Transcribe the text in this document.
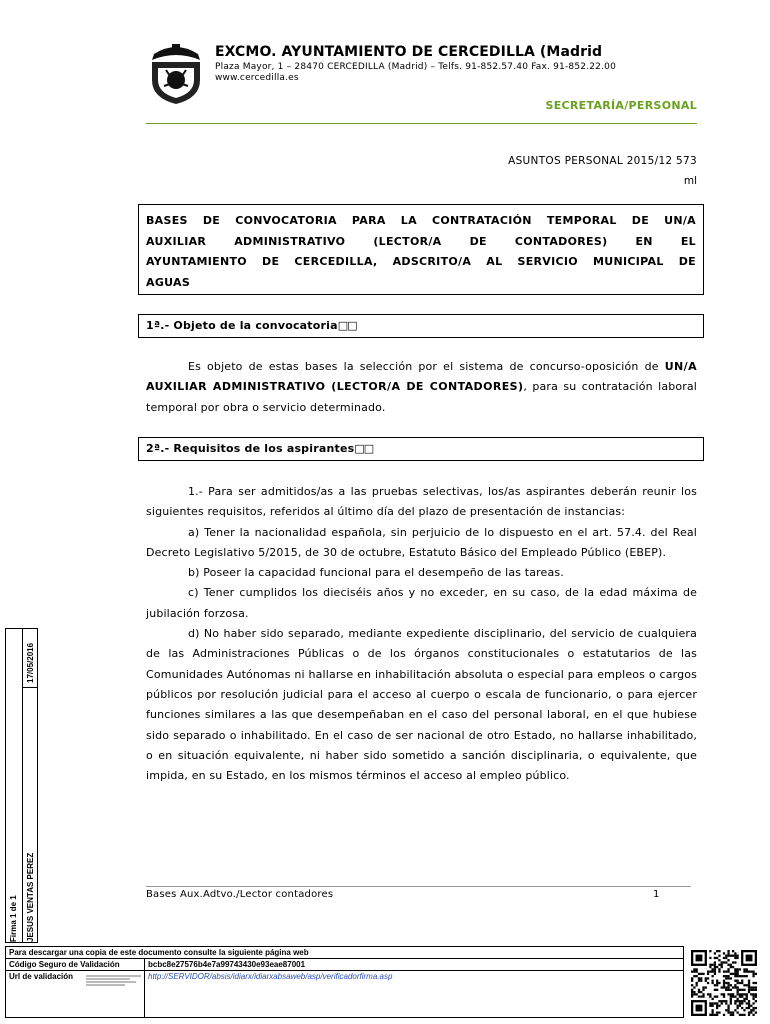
EXCMO. AYUNTAMIENTO DE CERCEDILLA (Madrid
Plaza Mayor, 1 – 28470 CERCEDILLA (Madrid) – Telfs. 91-852.57.40 Fax. 91-852.22.00
www.cercedilla.es
SECRETARÍA/PERSONAL
ASUNTOS PERSONAL 2015/12 573
ml

BASES DE CONVOCATORIA PARA LA CONTRATACIÓN TEMPORAL DE UN/A

AUXILIAR ADMINISTRATIVO (LECTOR/A DE CONTADORES) EN EL

AYUNTAMIENTO DE CERCEDILLA, ADSCRITO/A AL SERVICIO MUNICIPAL DE

AGUAS

1ª.- Objeto de la convocatoria□□

Es objeto de estas bases la selección por el sistema de concurso-oposición de UN/A AUXILIAR ADMINISTRATIVO (LECTOR/A DE CONTADORES), para su contratación laboral temporal por obra o servicio determinado.

2ª.- Requisitos de los aspirantes□□

1.- Para ser admitidos/as a las pruebas selectivas, los/as aspirantes deberán reunir los siguientes requisitos, referidos al último día del plazo de presentación de instancias:

a) Tener la nacionalidad española, sin perjuicio de lo dispuesto en el art. 57.4. del Real Decreto Legislativo 5/2015, de 30 de octubre, Estatuto Básico del Empleado Público (EBEP).

b) Poseer la capacidad funcional para el desempeño de las tareas.

c) Tener cumplidos los dieciséis años y no exceder, en su caso, de la edad máxima de jubilación forzosa.

d) No haber sido separado, mediante expediente disciplinario, del servicio de cualquiera de las Administraciones Públicas o de los órganos constitucionales o estatutarios de las Comunidades Autónomas ni hallarse en inhabilitación absoluta o especial para empleos o cargos públicos por resolución judicial para el acceso al cuerpo o escala de funcionario, o para ejercer funciones similares a las que desempeñaban en el caso del personal laboral, en el que hubiese sido separado o inhabilitado. En el caso de ser nacional de otro Estado, no hallarse inhabilitado, o en situación equivalente, ni haber sido sometido a sanción disciplinaria, o equivalente, que impida, en su Estado, en los mismos términos el acceso al empleo público.

Bases Aux.Adtvo./Lector contadores	1
Firma 1 de 1 JESUS VENTAS PEREZ
17/05/2016
Para descargar una copia de este documento consulte la siguiente página web
Código Seguro de Validación	bcbc8e27576b4e7a99743430e93eae87001
Url de validación	http://SERVIDOR/absis/idiarx/idiarxabsaweb/asp/verificadorfirma.asp
